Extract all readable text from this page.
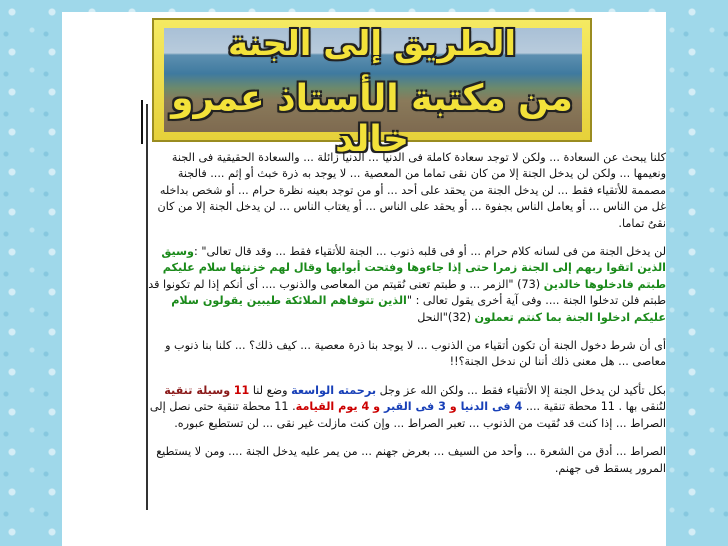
الطريق إلى الجنة
من مكتبة الأستاذ عمرو خالد

كلنا يبحث عن السعادة ... ولكن لا توجد سعادة كاملة فى الدنيا ... الدنيا زائلة ... والسعادة الحقيقية فى الجنة ونعيمها ... ولكن لن يدخل الجنة إلا من كان نقى تماما من المعصية ... لا يوجد به ذرة خبث أو إثم .... فالجنة مصممة للأتقياء فقط ... لن يدخل الجنة من يحقد على أحد ... أو من توجد بعينه نظرة حرام ... أو شخص بداخله غل من الناس ... أو يعامل الناس بجفوة ... أو يحقد على الناس ... أو يغتاب الناس ... لن يدخل الجنة إلا من كان نقىٌ تماما.

لن يدخل الجنة من فى لسانه كلام حرام ... أو فى قلبه ذنوب ... الجنة للأتقياء فقط ... وقد قال تعالى" :وسيق الذين اتقوا ربهم إلى الجنة زمرا حتى إذا جاءوها وفتحت أبوابها وقال لهم خزنتها سلام عليكم طبتم فادخلوها خالدين (73) "الزمر ... و طبتم تعنى نُقيتم من المعاصى والذنوب .... أى أنكم إذا لم تكونوا قد طبتم فلن تدخلوا الجنة .... وفى آية أخرى يقول تعالى : "الذين تتوفاهم الملائكة طيبين يقولون سلام عليكم ادخلوا الجنة بما كنتم تعملون (32)"النحل

أى أن شرط دخول الجنة أن تكون أتقياء من الذنوب ... لا يوجد بنا ذرة معصية ... كيف ذلك؟ ... كلنا بنا ذنوب و معاصى ... هل معنى ذلك أننا لن ندخل الجنة؟!!

بكل تأكيد لن يدخل الجنة إلا الأتقياء فقط ... ولكن الله عز وجل برحمته الواسعة وضع لنا 11 وسيلة تنقية لنُنقى بها . 11 محطة تنقية .... 4 فى الدنيا و 3 فى القبر و 4 يوم القيامة. 11 محطة تنقية حتى نصل إلى الصراط ... إذا كنت قد نُقيت من الذنوب ... تعبر الصراط ... وإن كنت مازلت غير نقى ... لن تستطيع عبوره.

الصراط ... أدق من الشعرة ... وأحد من السيف ... بعرض جهنم ... من يمر عليه يدخل الجنة .... ومن لا يستطيع المرور يسقط فى جهنم.
